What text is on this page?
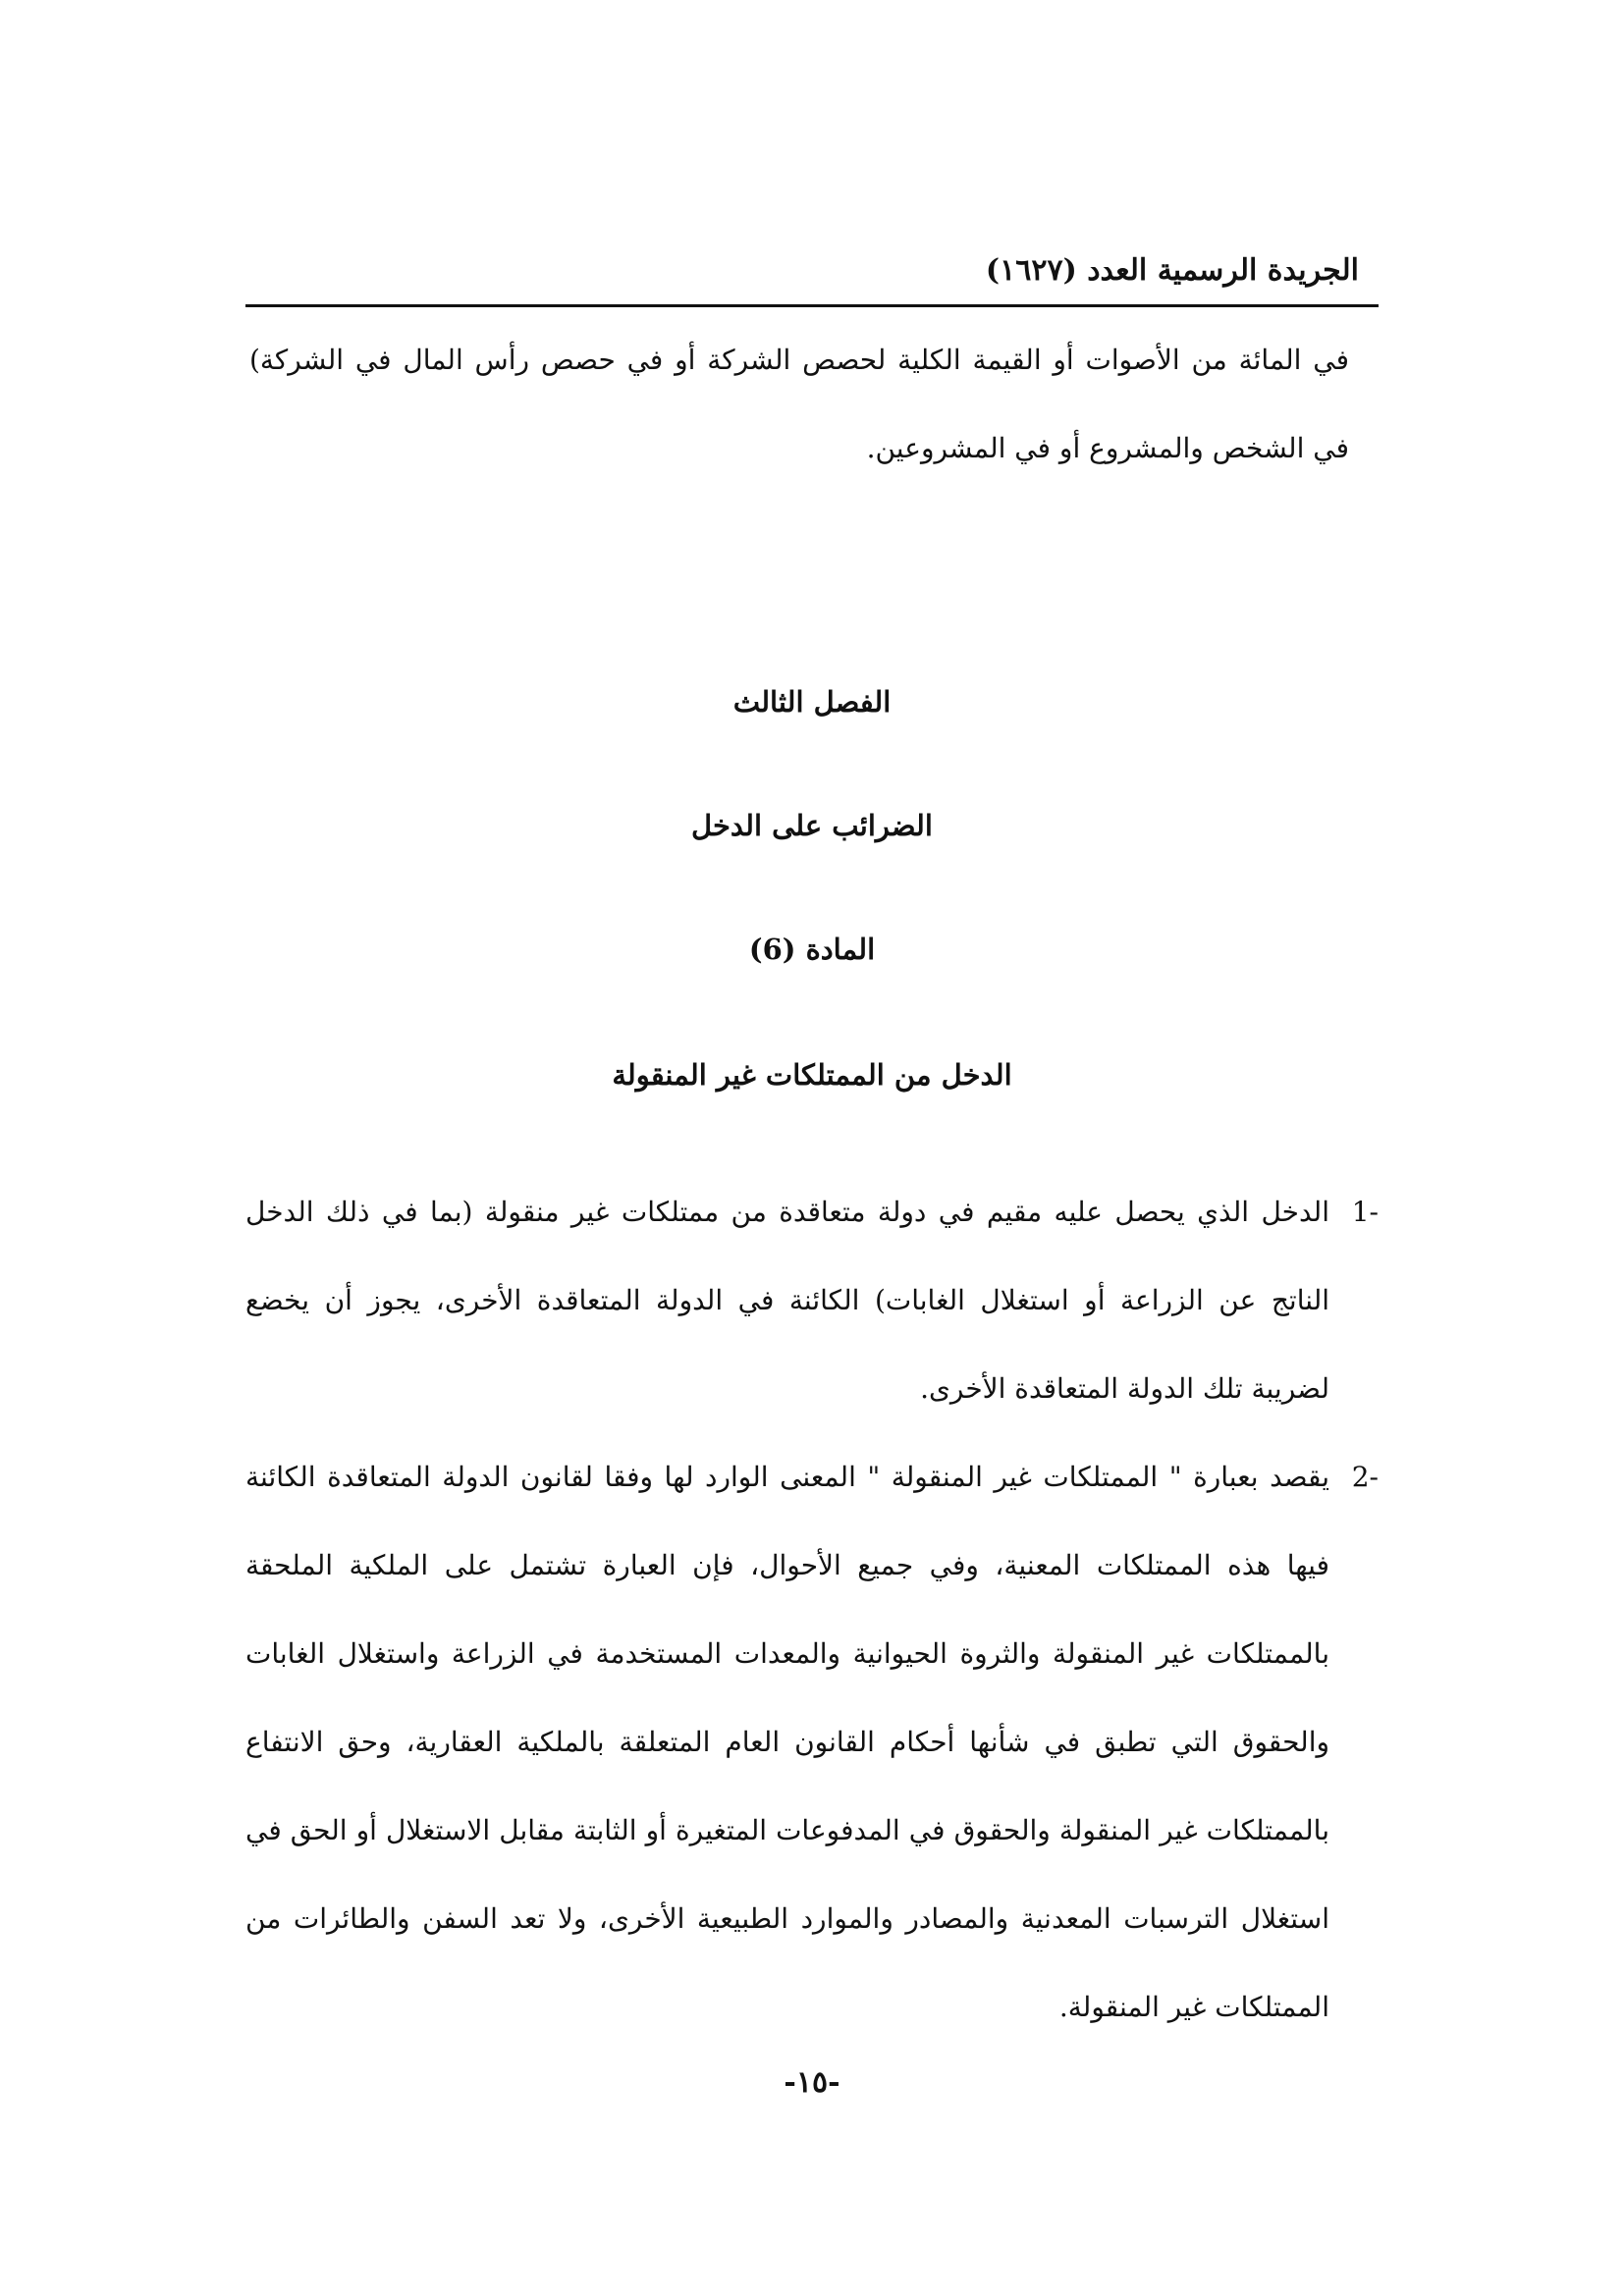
الجريدة الرسمية العدد (١٦٢٧)
في المائة من الأصوات أو القيمة الكلية لحصص الشركة أو في حصص رأس المال في الشركة) في الشخص والمشروع أو في المشروعين.
الفصل الثالث
الضرائب على الدخل
المادة (6)
الدخل من الممتلكات غير المنقولة
-1
الدخل الذي يحصل عليه مقيم في دولة متعاقدة من ممتلكات غير منقولة (بما في ذلك الدخل الناتج عن الزراعة أو استغلال الغابات) الكائنة في الدولة المتعاقدة الأخرى، يجوز أن يخضع لضريبة تلك الدولة المتعاقدة الأخرى.
-2
يقصد بعبارة " الممتلكات غير المنقولة " المعنى الوارد لها وفقا لقانون الدولة المتعاقدة الكائنة فيها هذه الممتلكات المعنية، وفي جميع الأحوال، فإن العبارة تشتمل على الملكية الملحقة بالممتلكات غير المنقولة والثروة الحيوانية والمعدات المستخدمة في الزراعة واستغلال الغابات والحقوق التي تطبق في شأنها أحكام القانون العام المتعلقة بالملكية العقارية، وحق الانتفاع بالممتلكات غير المنقولة والحقوق في المدفوعات المتغيرة أو الثابتة مقابل الاستغلال أو الحق في استغلال الترسبات المعدنية والمصادر والموارد الطبيعية الأخرى، ولا تعد السفن والطائرات من الممتلكات غير المنقولة.
-١٥-
